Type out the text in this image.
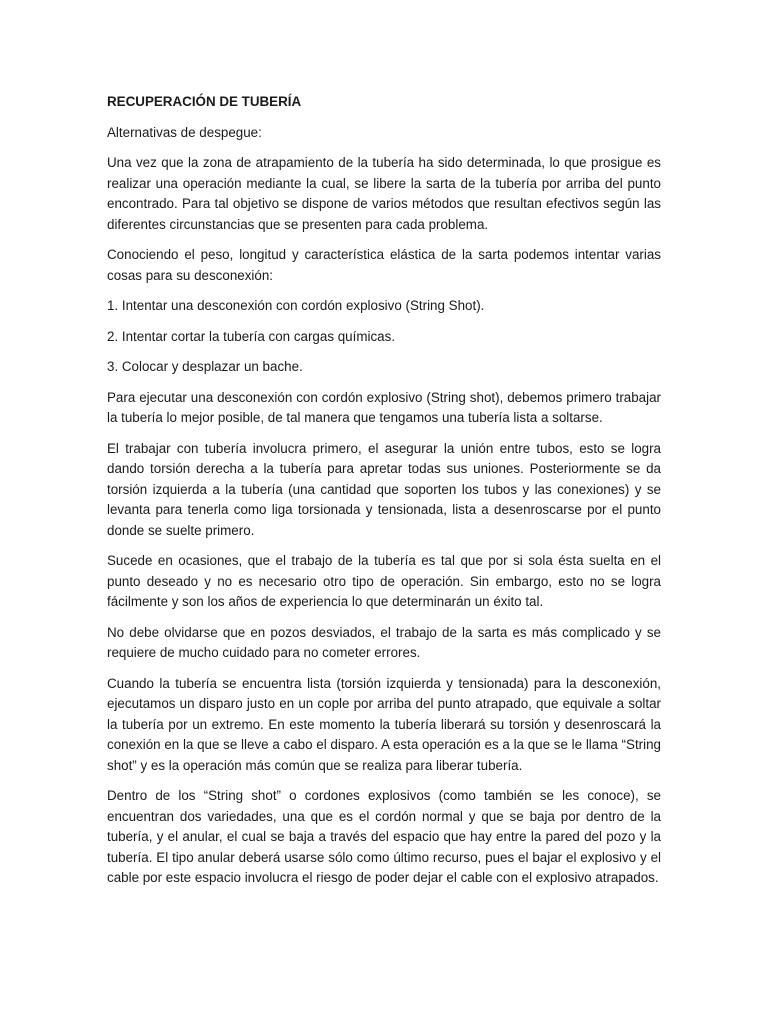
RECUPERACIÓN DE TUBERÍA
Alternativas de despegue:

Una vez que la zona de atrapamiento de la tubería ha sido determinada, lo que prosigue es realizar una operación mediante la cual, se libere la sarta de la tubería por arriba del punto encontrado. Para tal objetivo se dispone de varios métodos que resultan efectivos según las diferentes circunstancias que se presenten para cada problema.

Conociendo el peso, longitud y característica elástica de la sarta podemos intentar varias cosas para su desconexión:

1. Intentar una desconexión con cordón explosivo (String Shot).
2. Intentar cortar la tubería con cargas químicas.
3. Colocar y desplazar un bache.

Para ejecutar una desconexión con cordón explosivo (String shot), debemos primero trabajar la tubería lo mejor posible, de tal manera que tengamos una tubería lista a soltarse.

El trabajar con tubería involucra primero, el asegurar la unión entre tubos, esto se logra dando torsión derecha a la tubería para apretar todas sus uniones. Posteriormente se da torsión izquierda a la tubería (una cantidad que soporten los tubos y las conexiones) y se levanta para tenerla como liga torsionada y tensionada, lista a desenroscarse por el punto donde se suelte primero.

Sucede en ocasiones, que el trabajo de la tubería es tal que por si sola ésta suelta en el punto deseado y no es necesario otro tipo de operación. Sin embargo, esto no se logra fácilmente y son los años de experiencia lo que determinarán un éxito tal.

No debe olvidarse que en pozos desviados, el trabajo de la sarta es más complicado y se requiere de mucho cuidado para no cometer errores.

Cuando la tubería se encuentra lista (torsión izquierda y tensionada) para la desconexión, ejecutamos un disparo justo en un cople por arriba del punto atrapado, que equivale a soltar la tubería por un extremo. En este momento la tubería liberará su torsión y desenroscará la conexión en la que se lleve a cabo el disparo. A esta operación es a la que se le llama “String shot” y es la operación más común que se realiza para liberar tubería.

Dentro de los “String shot” o cordones explosivos (como también se les conoce), se encuentran dos variedades, una que es el cordón normal y que se baja por dentro de la tubería, y el anular, el cual se baja a través del espacio que hay entre la pared del pozo y la tubería. El tipo anular deberá usarse sólo como último recurso, pues el bajar el explosivo y el cable por este espacio involucra el riesgo de poder dejar el cable con el explosivo atrapados.
